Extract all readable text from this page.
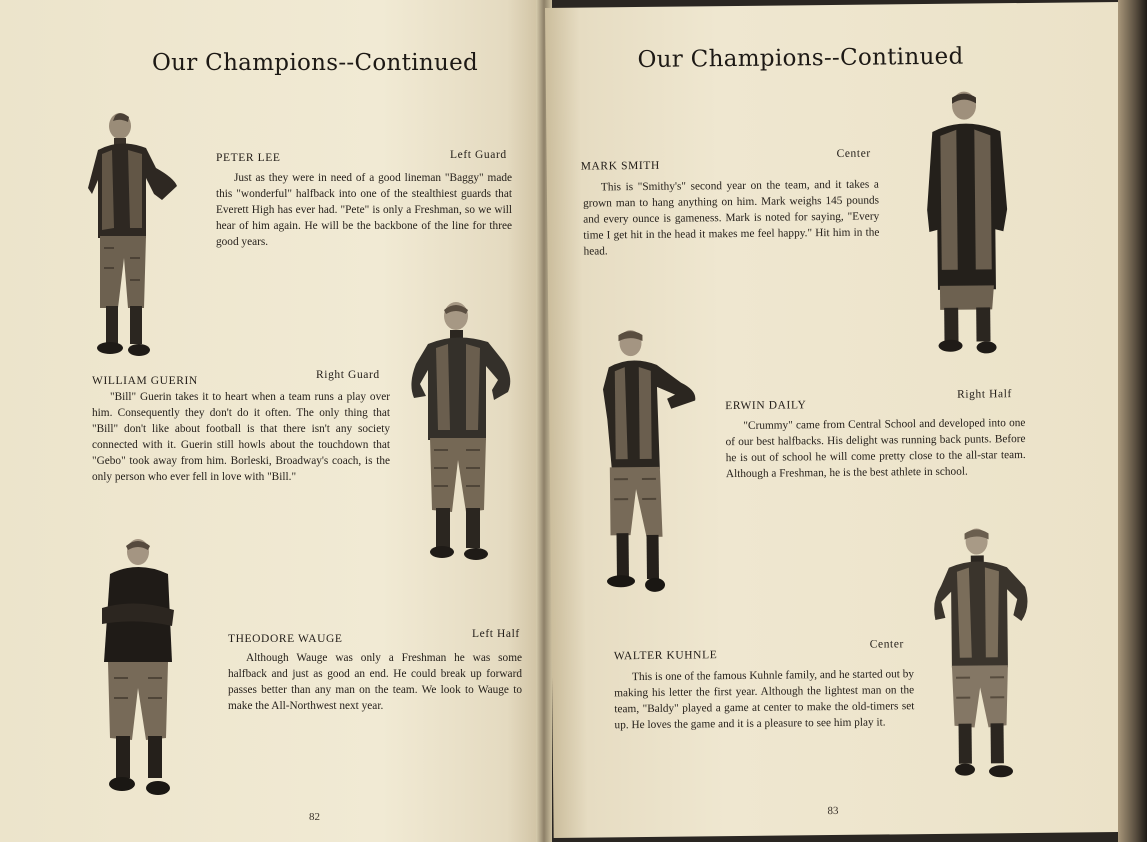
Our Champions--Continued
PETER LEE	Left Guard

Just as they were in need of a good lineman "Baggy" made this "wonderful" halfback into one of the stealthiest guards that Everett High has ever had. "Pete" is only a Freshman, so we will hear of him again. He will be the backbone of the line for three good years.

WILLIAM GUERIN	Right Guard

"Bill" Guerin takes it to heart when a team runs a play over him. Consequently they don't do it often. The only thing that "Bill" don't like about football is that there isn't any society connected with it. Guerin still howls about the touchdown that "Gebo" took away from him. Borleski, Broadway's coach, is the only person who ever fell in love with "Bill."

THEODORE WAUGE	Left Half

Although Wauge was only a Freshman he was some halfback and just as good an end. He could break up forward passes better than any man on the team. We look to Wauge to make the All-Northwest next year.

82
Our Champions--Continued
MARK SMITH
Center

This is "Smithy's" second year on the team, and it takes a grown man to hang anything on him. Mark weighs 145 pounds and every ounce is gameness. Mark is noted for saying, "Every time I get hit in the head it makes me feel happy." Hit him in the head.

ERWIN DAILY
Right Half

"Crummy" came from Central School and developed into one of our best halfbacks. His delight was running back punts. Before he is out of school he will come pretty close to the all-star team. Although a Freshman, he is the best athlete in school.

WALTER KUHNLE
Center

This is one of the famous Kuhnle family, and he started out by making his letter the first year. Although the lightest man on the team, "Baldy" played a game at center to make the old-timers set up. He loves the game and it is a pleasure to see him play it.

83
